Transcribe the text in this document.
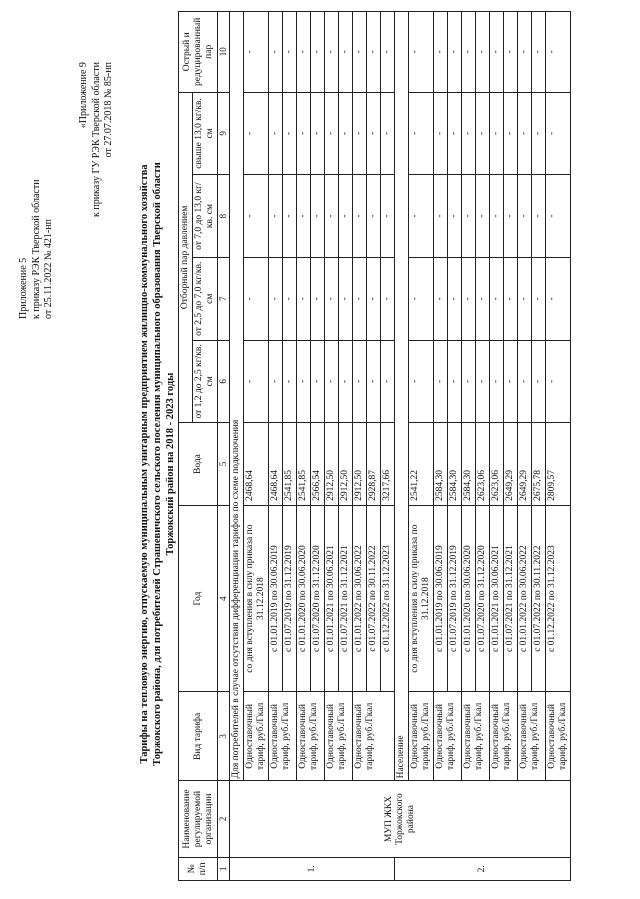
Приложение 5 к приказу РЭК Тверской области от 25.11.2022 № 421-нп
«Приложение 9 к приказу ГУ РЭК Тверской области от 27.07.2018 № 85-нп
Тарифы на тепловую энергию, отпускаемую муниципальным унитарным предприятием жилищно-коммунального хозяйства Торжокского района, для потребителей Страшевичского сельского поселения муниципального образования Тверской области Торжокский район на 2018 - 2023 годы
№ п/п	Наименование регулируемой организации	Вид тарифа	Год	Вода	Отборный пар давлением				Острый и редуцированный пар
					от 1,2 до 2,5 кг/кв. см	от 2,5 до 7,0 кг/кв. см	от 7,0 до 13,0 кг/кв. см	свыше 13,0 кг/кв. см	
1	2	3	4	5	6	7	8	9	10
1.	МУП ЖКХ Торжокского района	Для потребителей в случае отсутствия дифференциации тарифов по схеме подключения							
		Одноставочный тариф, руб./Гкал	со дня вступления в силу приказа по 31.12.2018	2468,64	-	-	-	-	-
		Одноставочный тариф, руб./Гкал	с 01.01.2019 по 30.06.2019	2468,64	-	-	-	-	-
			с 01.07.2019 по 31.12.2019	2541,85	-	-	-	-	-
		Одноставочный тариф, руб./Гкал	с 01.01.2020 по 30.06.2020	2541,85	-	-	-	-	-
			с 01.07.2020 по 31.12.2020	2566,54	-	-	-	-	-
		Одноставочный тариф, руб./Гкал	с 01.01.2021 по 30.06.2021	2912,50	-	-	-	-	-
			с 01.07.2021 по 31.12.2021	2912,50	-	-	-	-	-
		Одноставочный тариф, руб./Гкал	с 01.01.2022 по 30.06.2022	2912,50	-	-	-	-	-
			с 01.07.2022 по 30.11.2022	2928,87	-	-	-	-	-
			с 01.12.2022 по 31.12.2023	3217,66	-	-	-	-	-
2.		Население							
		Одноставочный тариф, руб./Гкал	со дня вступления в силу приказа по 31.12.2018	2541,22	-	-	-	-	-
		Одноставочный тариф, руб./Гкал	с 01.01.2019 по 30.06.2019	2584,30	-	-	-	-	-
			с 01.07.2019 по 31.12.2019	2584,30	-	-	-	-	-
		Одноставочный тариф, руб./Гкал	с 01.01.2020 по 30.06.2020	2584,30	-	-	-	-	-
			с 01.07.2020 по 31.12.2020	2623,06	-	-	-	-	-
		Одноставочный тариф, руб./Гкал	с 01.01.2021 по 30.06.2021	2623,06	-	-	-	-	-
			с 01.07.2021 по 31.12.2021	2649,29	-	-	-	-	-
		Одноставочный тариф, руб./Гкал	с 01.01.2022 по 30.06.2022	2649,29	-	-	-	-	-
			с 01.07.2022 по 30.11.2022	2675,78	-	-	-	-	-
		Одноставочный тариф, руб./Гкал	с 01.12.2022 по 31.12.2023	2809,57	-	-	-	-	-
